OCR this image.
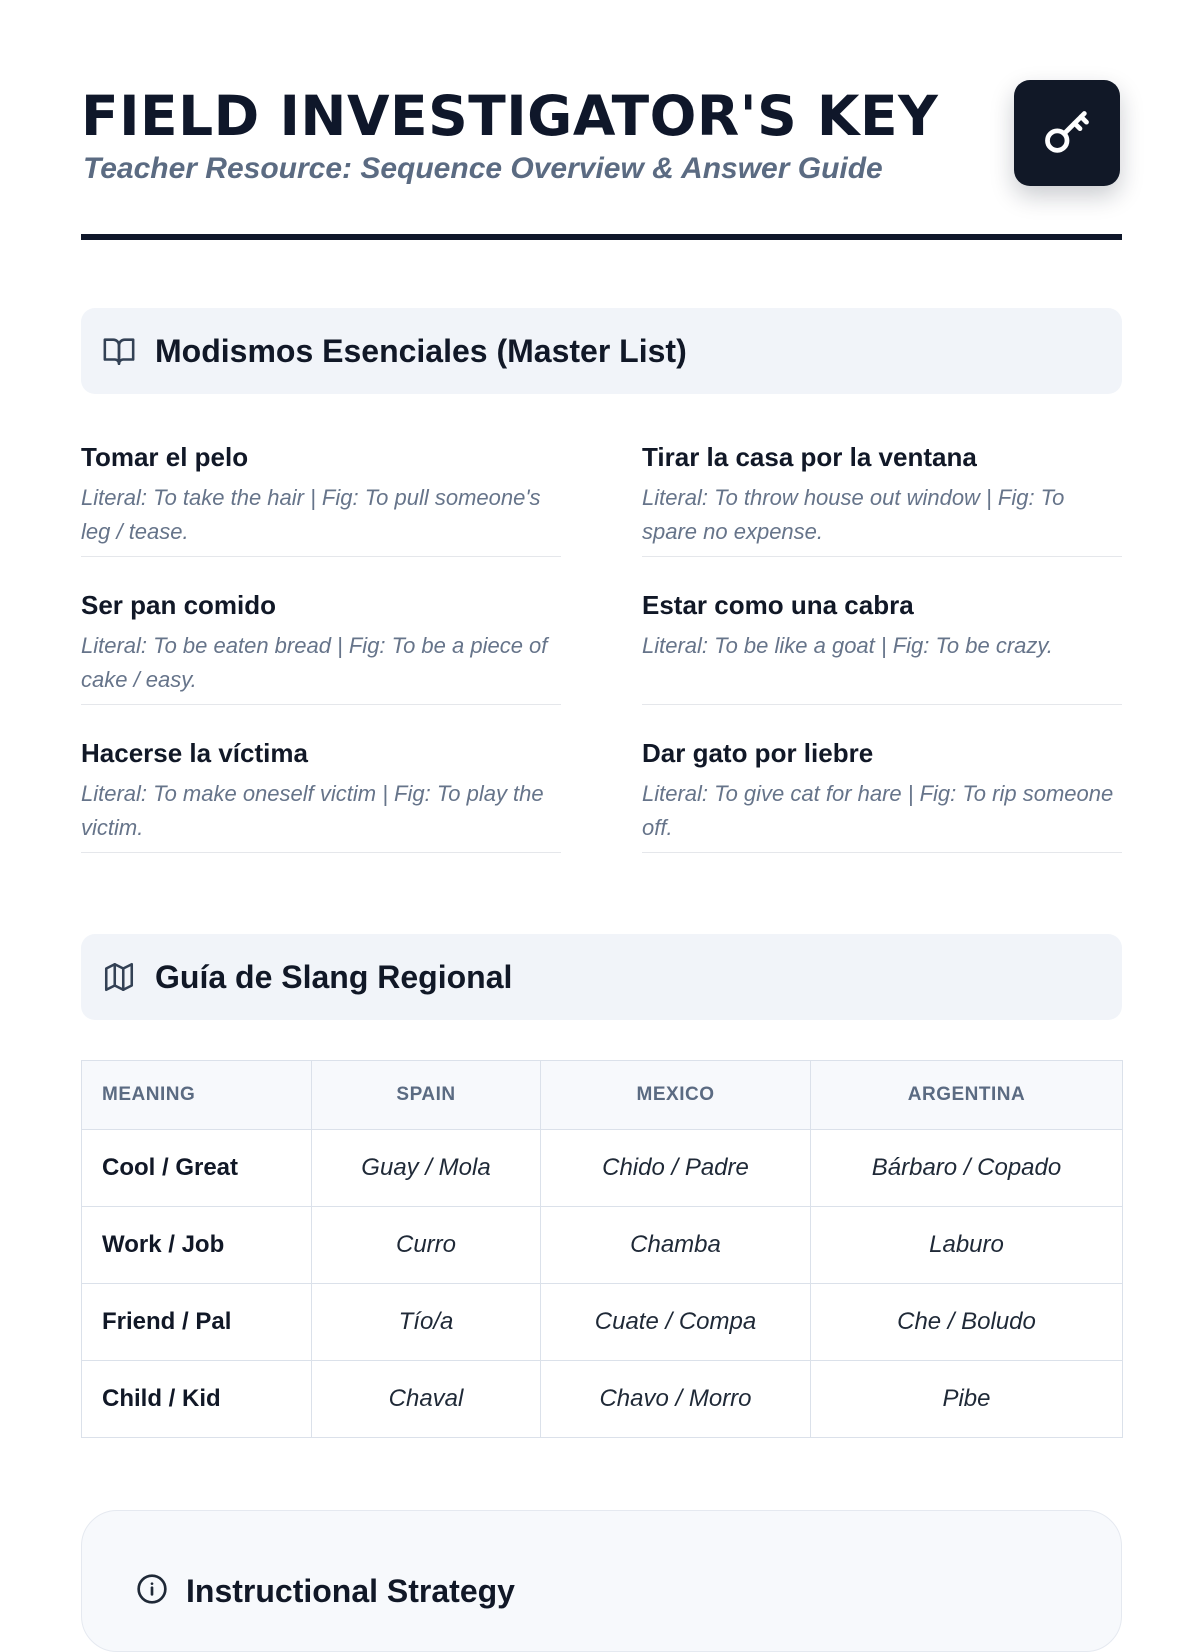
FIELD INVESTIGATOR'S KEY

Teacher Resource: Sequence Overview & Answer Guide

Modismos Esenciales (Master List)

Tomar el pelo

Literal: To take the hair | Fig: To pull someone's leg / tease.

Tirar la casa por la ventana

Literal: To throw house out window | Fig: To spare no expense.

Ser pan comido

Literal: To be eaten bread | Fig: To be a piece of cake / easy.

Estar como una cabra

Literal: To be like a goat | Fig: To be crazy.

Hacerse la víctima

Literal: To make oneself victim | Fig: To play the victim.

Dar gato por liebre

Literal: To give cat for hare | Fig: To rip someone off.

Guía de Slang Regional
MEANING	SPAIN	MEXICO	ARGENTINA
Cool / Great	Guay / Mola	Chido / Padre	Bárbaro / Copado
Work / Job	Curro	Chamba	Laburo
Friend / Pal	Tío/a	Cuate / Compa	Che / Boludo
Child / Kid	Chaval	Chavo / Morro	Pibe
Instructional Strategy
